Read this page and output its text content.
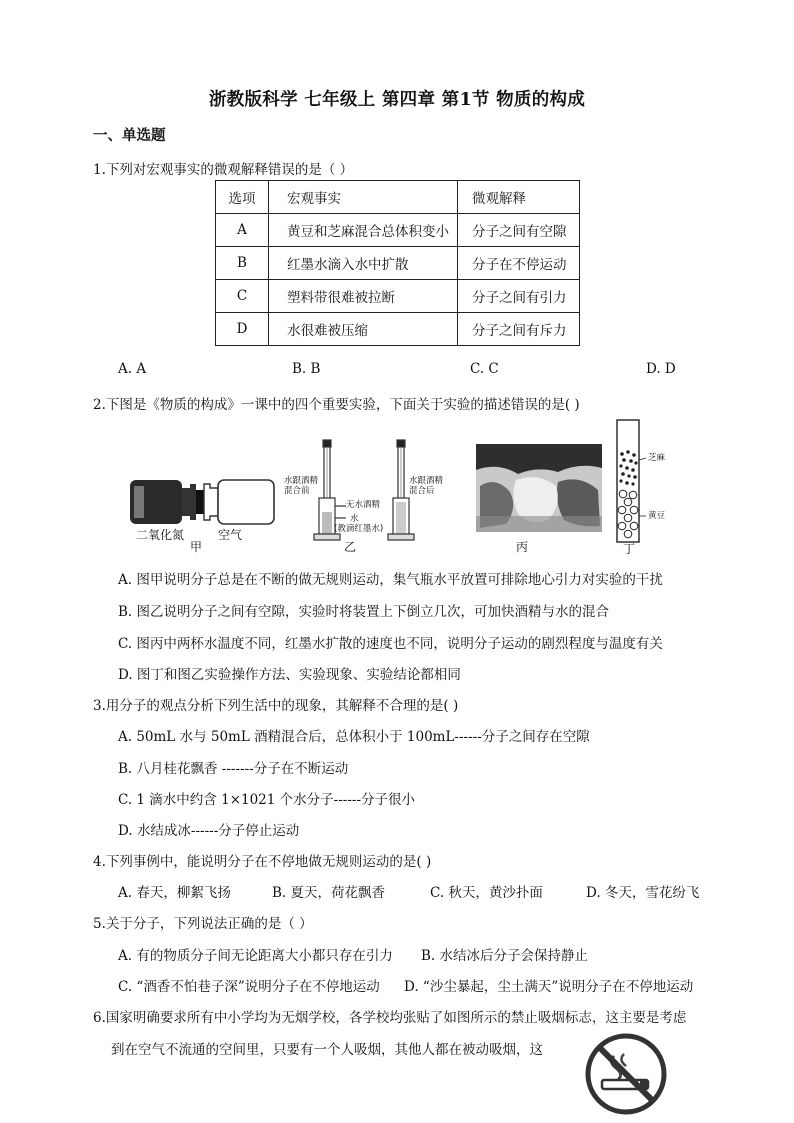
浙教版科学 七年级上 第四章 第1节 物质的构成
一、单选题
1.下列对宏观事实的微观解释错误的是（ ）
选项	宏观事实	微观解释
A	黄豆和芝麻混合总体积变小	分子之间有空隙
B	红墨水滴入水中扩散	分子在不停运动
C	塑料带很难被拉断	分子之间有引力
D	水很难被压缩	分子之间有斥力
A. A	B. B	C. C	D. D
2.下图是《物质的构成》一课中的四个重要实验，下面关于实验的描述错误的是( )
二氧化氮	空气
甲
水跟酒精混合前
水跟酒精混合后
无水酒精
水
(教滴红墨水)
乙	丙
芝麻
黄豆
丁
A. 图甲说明分子总是在不断的做无规则运动，集气瓶水平放置可排除地心引力对实验的干扰
B. 图乙说明分子之间有空隙，实验时将装置上下倒立几次，可加快酒精与水的混合
C. 图丙中两杯水温度不同，红墨水扩散的速度也不同，说明分子运动的剧烈程度与温度有关
D. 图丁和图乙实验操作方法、实验现象、实验结论都相同
3.用分子的观点分析下列生活中的现象，其解释不合理的是( )
A. 50mL 水与 50mL 酒精混合后，总体积小于 100mL------分子之间存在空隙
B. 八月桂花飘香 -------分子在不断运动
C. 1 滴水中约含 1×1021 个水分子------分子很小
D. 水结成冰------分子停止运动
4.下列事例中，能说明分子在不停地做无规则运动的是( )
A. 春天，柳絮飞扬	B. 夏天，荷花飘香	C. 秋天，黄沙扑面	D. 冬天，雪花纷飞
5.关于分子，下列说法正确的是（ ）
A. 有的物质分子间无论距离大小都只存在引力 B. 水结冰后分子会保持静止
C. “酒香不怕巷子深”说明分子在不停地运动 D. “沙尘暴起，尘土满天”说明分子在不停地运动
6.国家明确要求所有中小学均为无烟学校，各学校均张贴了如图所示的禁止吸烟标志，这主要是考虑
到在空气不流通的空间里，只要有一个人吸烟，其他人都在被动吸烟，这
